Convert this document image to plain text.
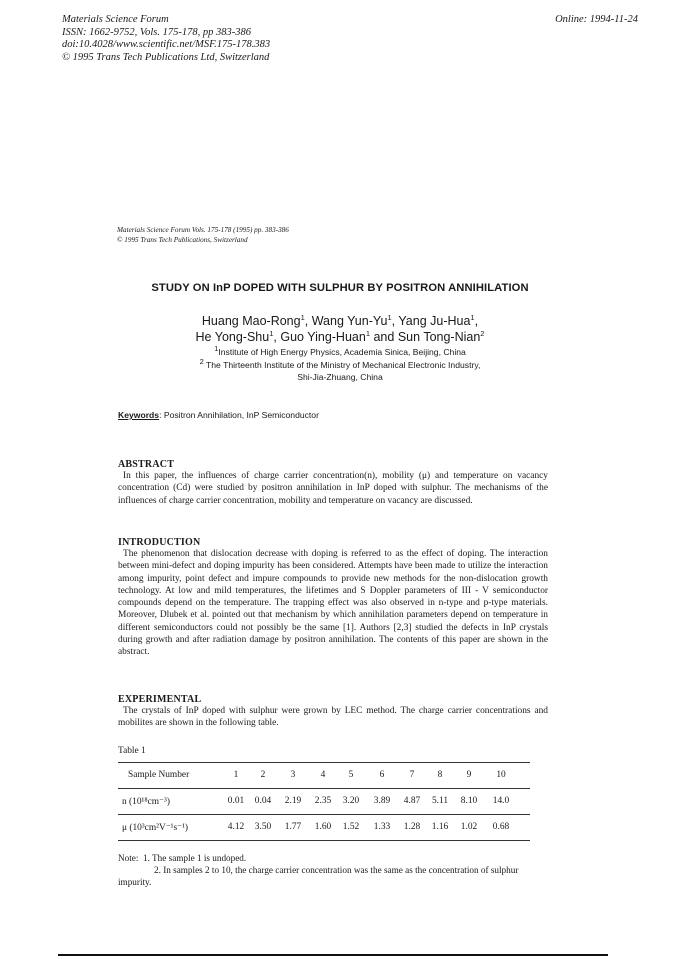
Materials Science Forum
ISSN: 1662-9752, Vols. 175-178, pp 383-386
doi:10.4028/www.scientific.net/MSF.175-178.383
© 1995 Trans Tech Publications Ltd, Switzerland
Online: 1994-11-24
Materials Science Forum Vols. 175-178 (1995) pp. 383-386
© 1995 Trans Tech Publications, Switzerland
STUDY ON InP DOPED WITH SULPHUR BY POSITRON ANNIHILATION
Huang Mao-Rong$^1$, Wang Yun-Yu$^1$, Yang Ju-Hua$^1$,
He Yong-Shu$^1$, Guo Ying-Huan$^1$ and Sun Tong-Nian$^2$
$^1$Institute of High Energy Physics, Academia Sinica, Beijing, China
$^2$ The Thirteenth Institute of the Ministry of Mechanical Electronic Industry,
Shi-Jia-Zhuang, China
Keywords: Positron Annihilation, InP Semiconductor
ABSTRACT
In this paper, the influences of charge carrier concentration(n), mobility (μ) and temperature on vacancy concentration (Cd) were studied by positron annihilation in InP doped with sulphur. The mechanisms of the influences of charge carrier concentration, mobility and temperature on vacancy are discussed.
INTRODUCTION
The phenomenon that dislocation decrease with doping is referred to as the effect of doping. The interaction between mini-defect and doping impurity has been considered. Attempts have been made to utilize the interaction among impurity, point defect and impure compounds to provide new methods for the non-dislocation growth technology. At low and mild temperatures, the lifetimes and S Doppler parameters of III - V semiconductor compounds depend on the temperature. The trapping effect was also observed in n-type and p-type materials. Moreover, Dlubek et al. pointed out that mechanism by which annihilation parameters depend on temperature in different semiconductors could not possibly be the same [1]. Authors [2,3] studied the defects in InP crystals during growth and after radiation damage by positron annihilation. The contents of this paper are shown in the abstract.
EXPERIMENTAL
The crystals of InP doped with sulphur were grown by LEC method. The charge carrier concentrations and mobilites are shown in the following table.
Table 1
Sample Number	1	2	3	4	5	6	7	8	9	10
n (10¹⁸cm⁻³)	0.01	0.04	2.19	2.35	3.20	3.89	4.87	5.11	8.10	14.0
μ (10³cm²V⁻¹s⁻¹)	4.12	3.50	1.77	1.60	1.52	1.33	1.28	1.16	1.02	0.68
Note: 1. The sample 1 is undoped.
2. In samples 2 to 10, the charge carrier concentration was the same as the concentration of sulphur impurity.
